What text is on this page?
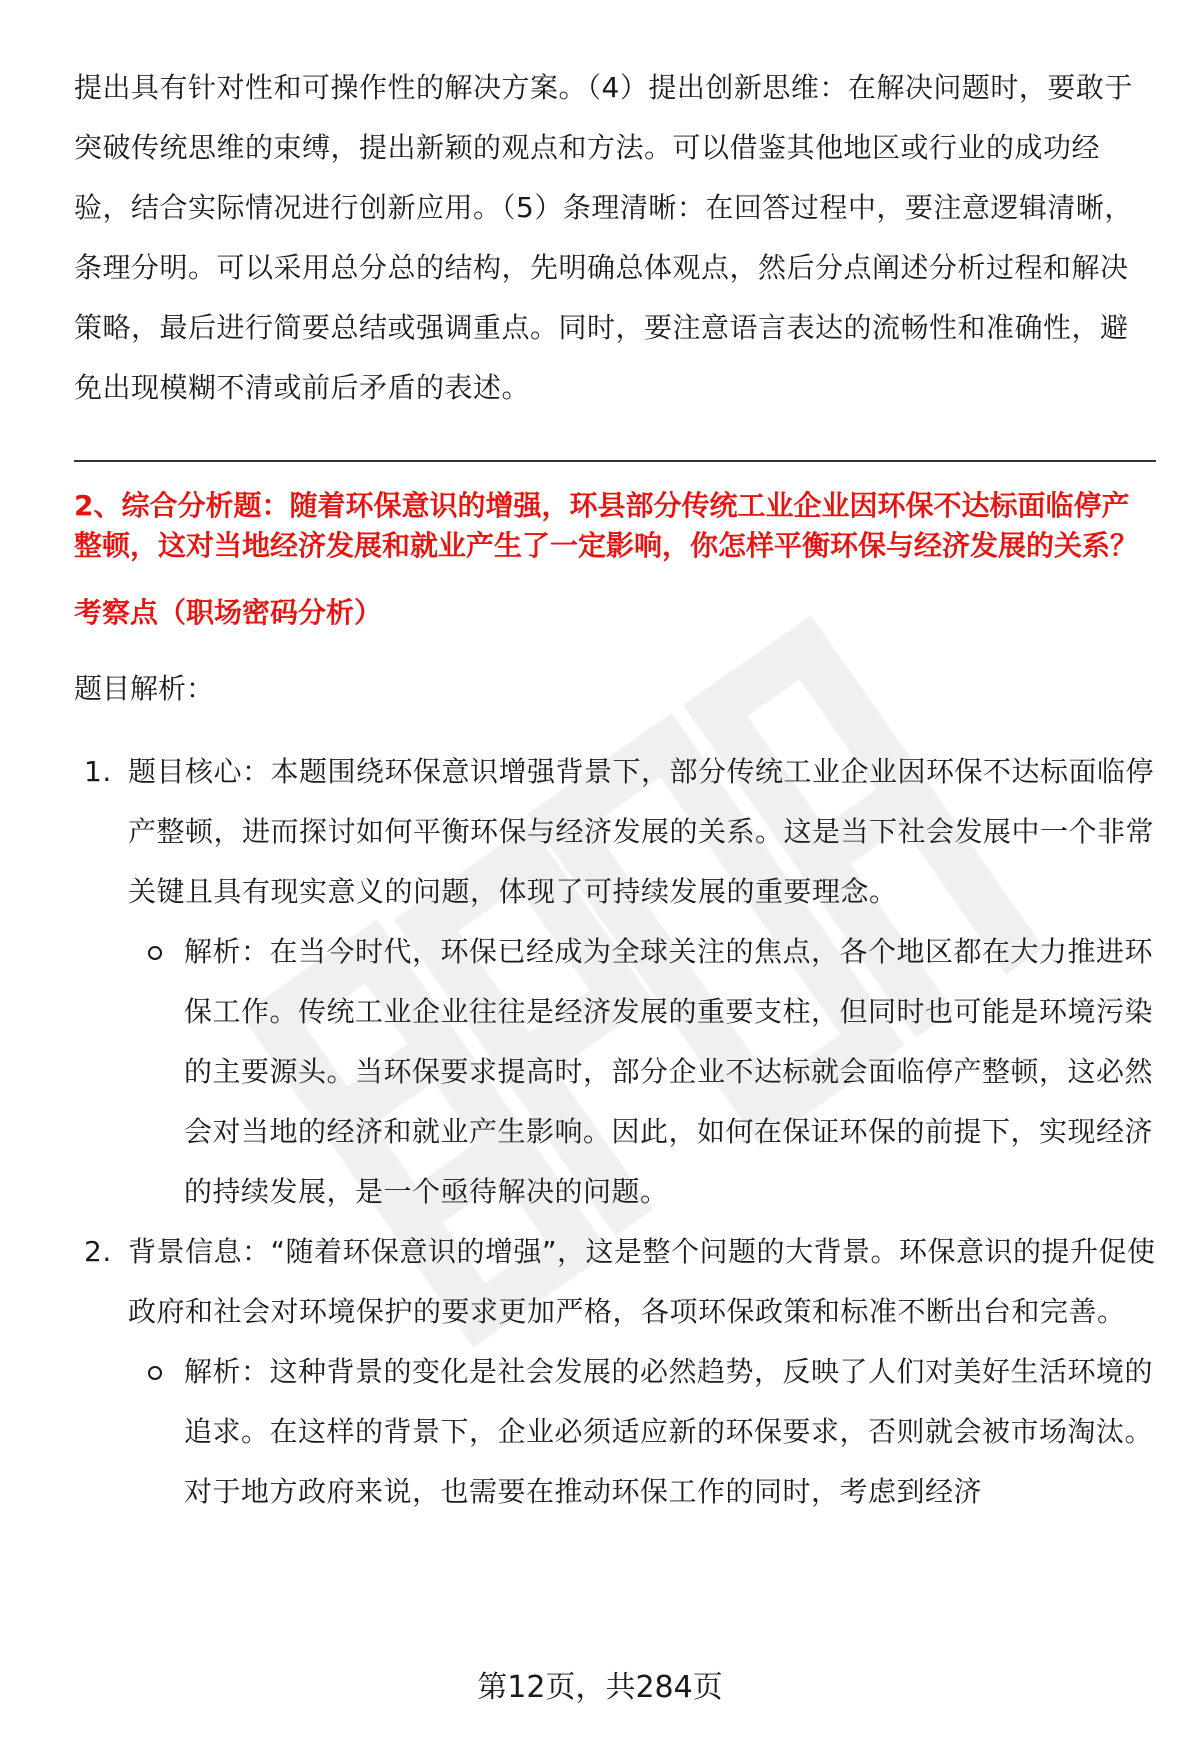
提出具有针对性和可操作性的解决方案。（4）提出创新思维：在解决问题时，要敢于突破传统思维的束缚，提出新颖的观点和方法。可以借鉴其他地区或行业的成功经验，结合实际情况进行创新应用。（5）条理清晰：在回答过程中，要注意逻辑清晰，条理分明。可以采用总分总的结构，先明确总体观点，然后分点阐述分析过程和解决策略，最后进行简要总结或强调重点。同时，要注意语言表达的流畅性和准确性，避免出现模糊不清或前后矛盾的表述。

2、综合分析题：随着环保意识的增强，环县部分传统工业企业因环保不达标面临停产整顿，这对当地经济发展和就业产生了一定影响，你怎样平衡环保与经济发展的关系？
考察点（职场密码分析）
题目解析：
1. 题目核心：本题围绕环保意识增强背景下，部分传统工业企业因环保不达标面临停产整顿，进而探讨如何平衡环保与经济发展的关系。这是当下社会发展中一个非常关键且具有现实意义的问题，体现了可持续发展的重要理念。
解析：在当今时代，环保已经成为全球关注的焦点，各个地区都在大力推进环保工作。传统工业企业往往是经济发展的重要支柱，但同时也可能是环境污染的主要源头。当环保要求提高时，部分企业不达标就会面临停产整顿，这必然会对当地的经济和就业产生影响。因此，如何在保证环保的前提下，实现经济的持续发展，是一个亟待解决的问题。
2. 背景信息：“随着环保意识的增强”，这是整个问题的大背景。环保意识的提升促使政府和社会对环境保护的要求更加严格，各项环保政策和标准不断出台和完善。
解析：这种背景的变化是社会发展的必然趋势，反映了人们对美好生活环境的追求。在这样的背景下，企业必须适应新的环保要求，否则就会被市场淘汰。对于地方政府来说，也需要在推动环保工作的同时，考虑到经济
第12页，共284页
